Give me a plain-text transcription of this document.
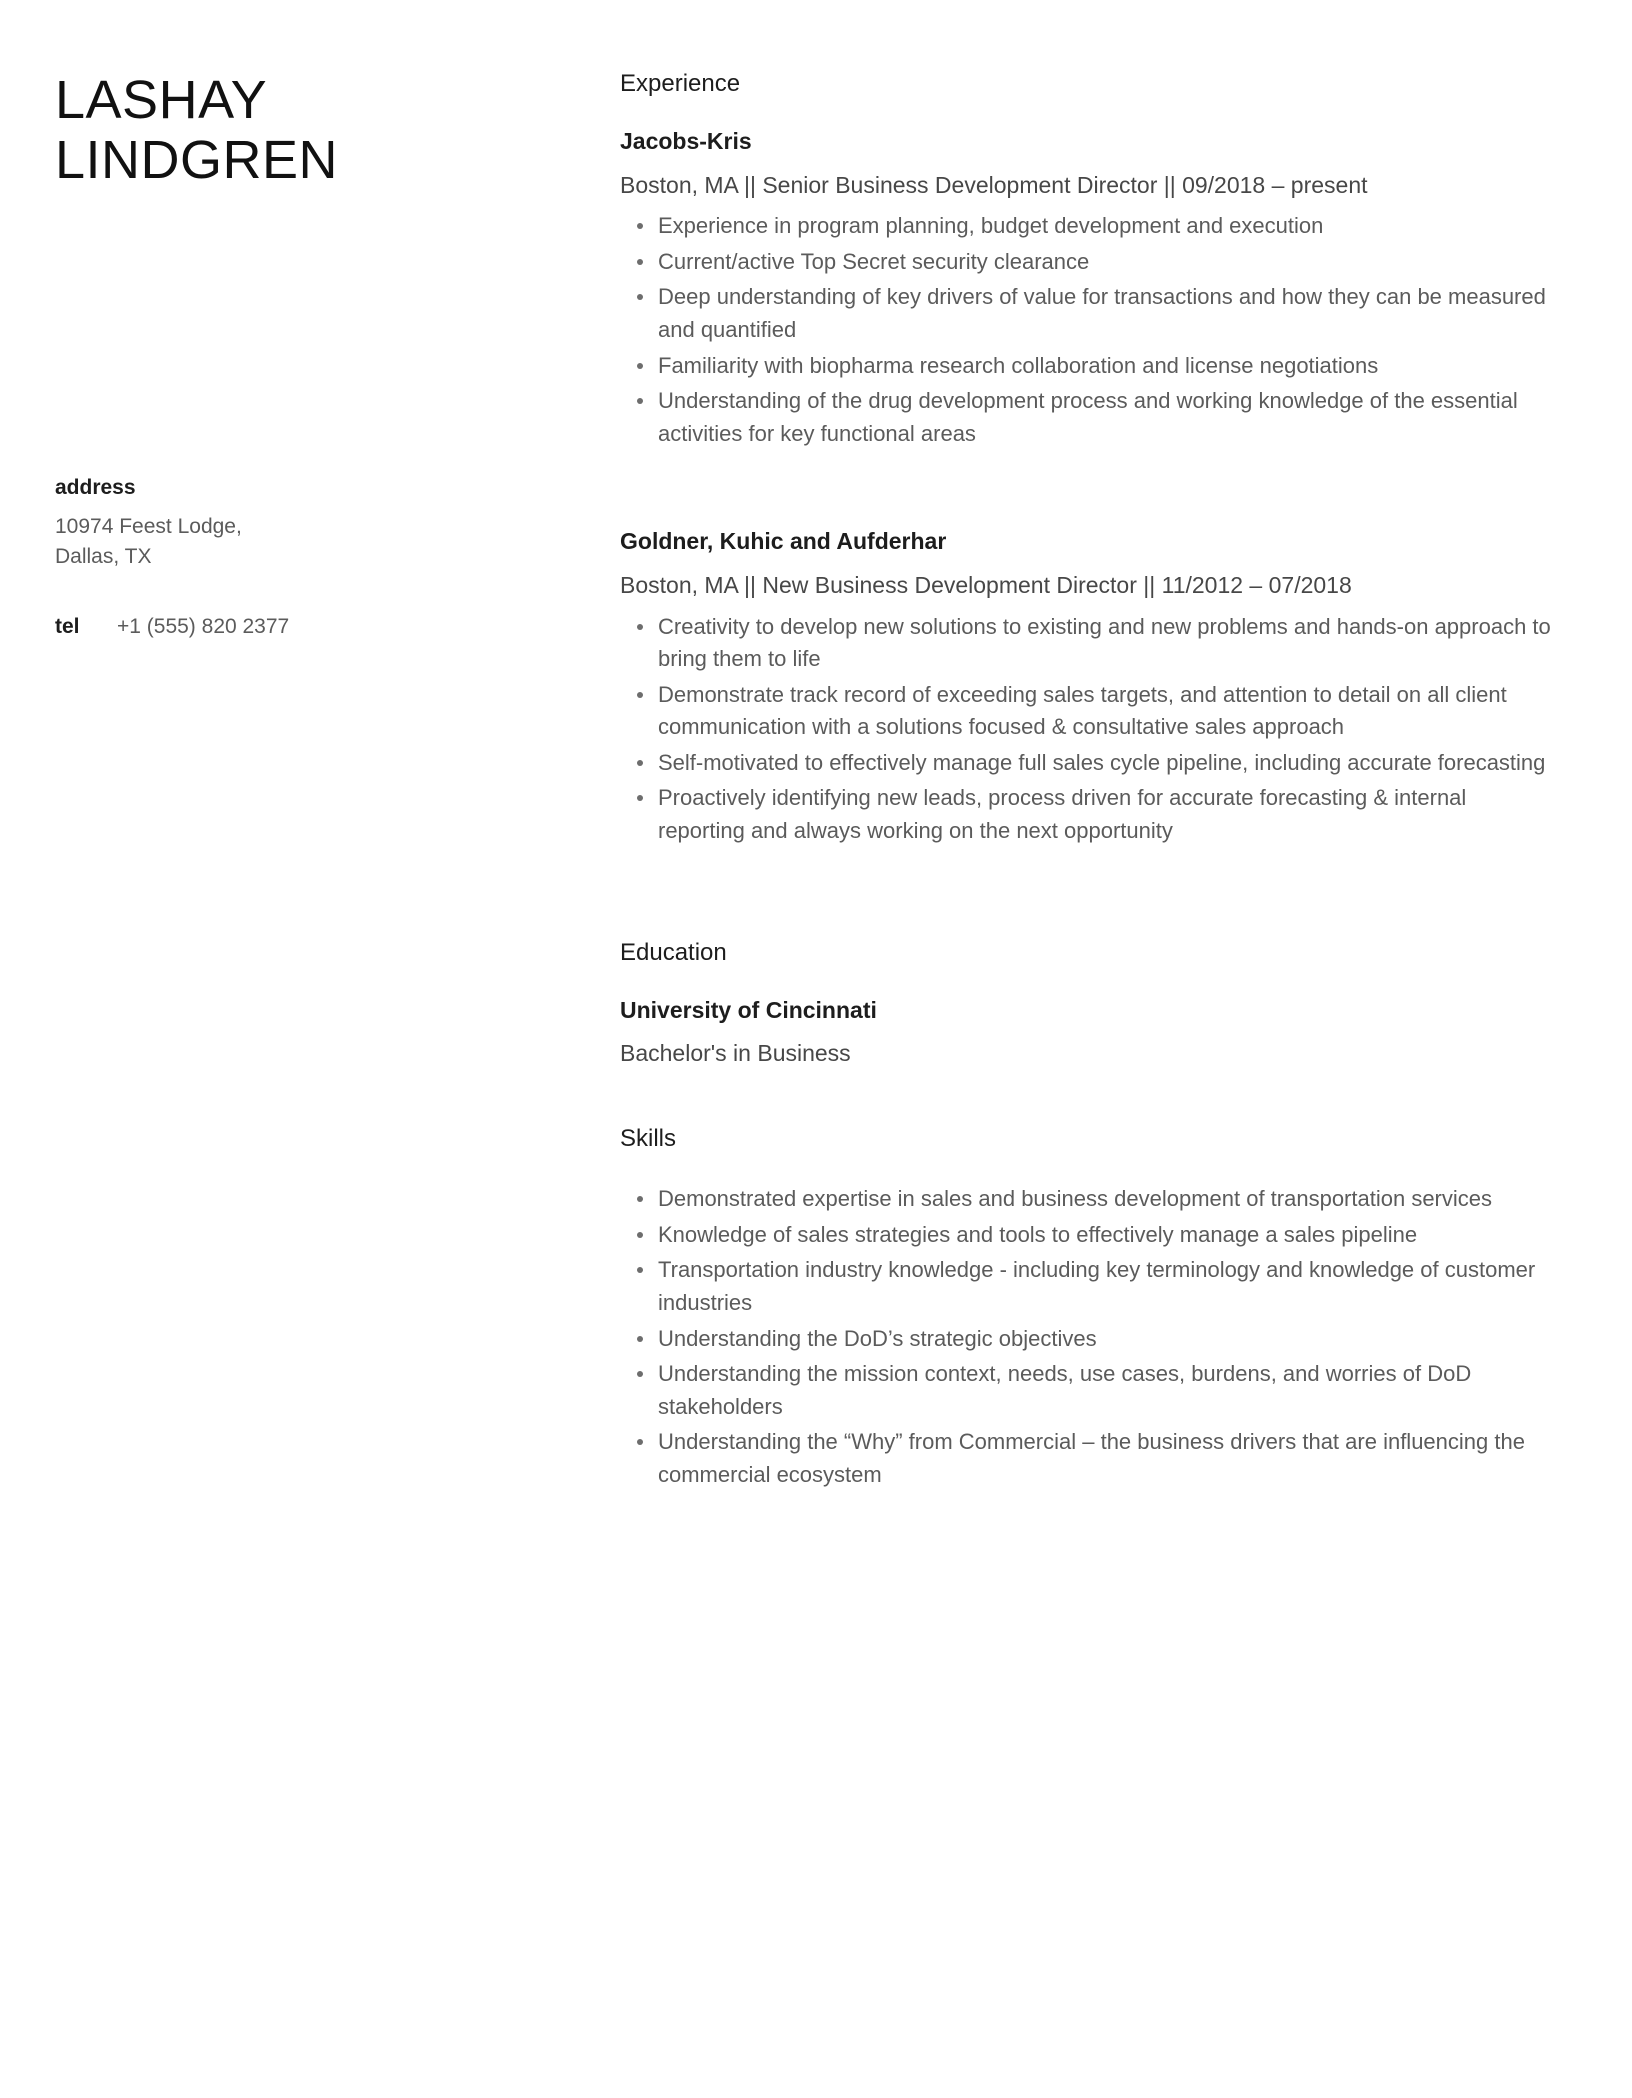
LASHAY
LINDGREN
address
10974 Feest Lodge,
Dallas, TX
tel	+1 (555) 820 2377
Experience
Jacobs-Kris
Boston, MA || Senior Business Development Director || 09/2018 – present
Experience in program planning, budget development and execution
Current/active Top Secret security clearance
Deep understanding of key drivers of value for transactions and how they can be measured and quantified
Familiarity with biopharma research collaboration and license negotiations
Understanding of the drug development process and working knowledge of the essential activities for key functional areas
Goldner, Kuhic and Aufderhar
Boston, MA || New Business Development Director || 11/2012 – 07/2018
Creativity to develop new solutions to existing and new problems and hands-on approach to bring them to life
Demonstrate track record of exceeding sales targets, and attention to detail on all client communication with a solutions focused & consultative sales approach
Self-motivated to effectively manage full sales cycle pipeline, including accurate forecasting
Proactively identifying new leads, process driven for accurate forecasting & internal reporting and always working on the next opportunity
Education
University of Cincinnati
Bachelor's in Business
Skills
Demonstrated expertise in sales and business development of transportation services
Knowledge of sales strategies and tools to effectively manage a sales pipeline
Transportation industry knowledge - including key terminology and knowledge of customer industries
Understanding the DoD’s strategic objectives
Understanding the mission context, needs, use cases, burdens, and worries of DoD stakeholders
Understanding the “Why” from Commercial – the business drivers that are influencing the commercial ecosystem
